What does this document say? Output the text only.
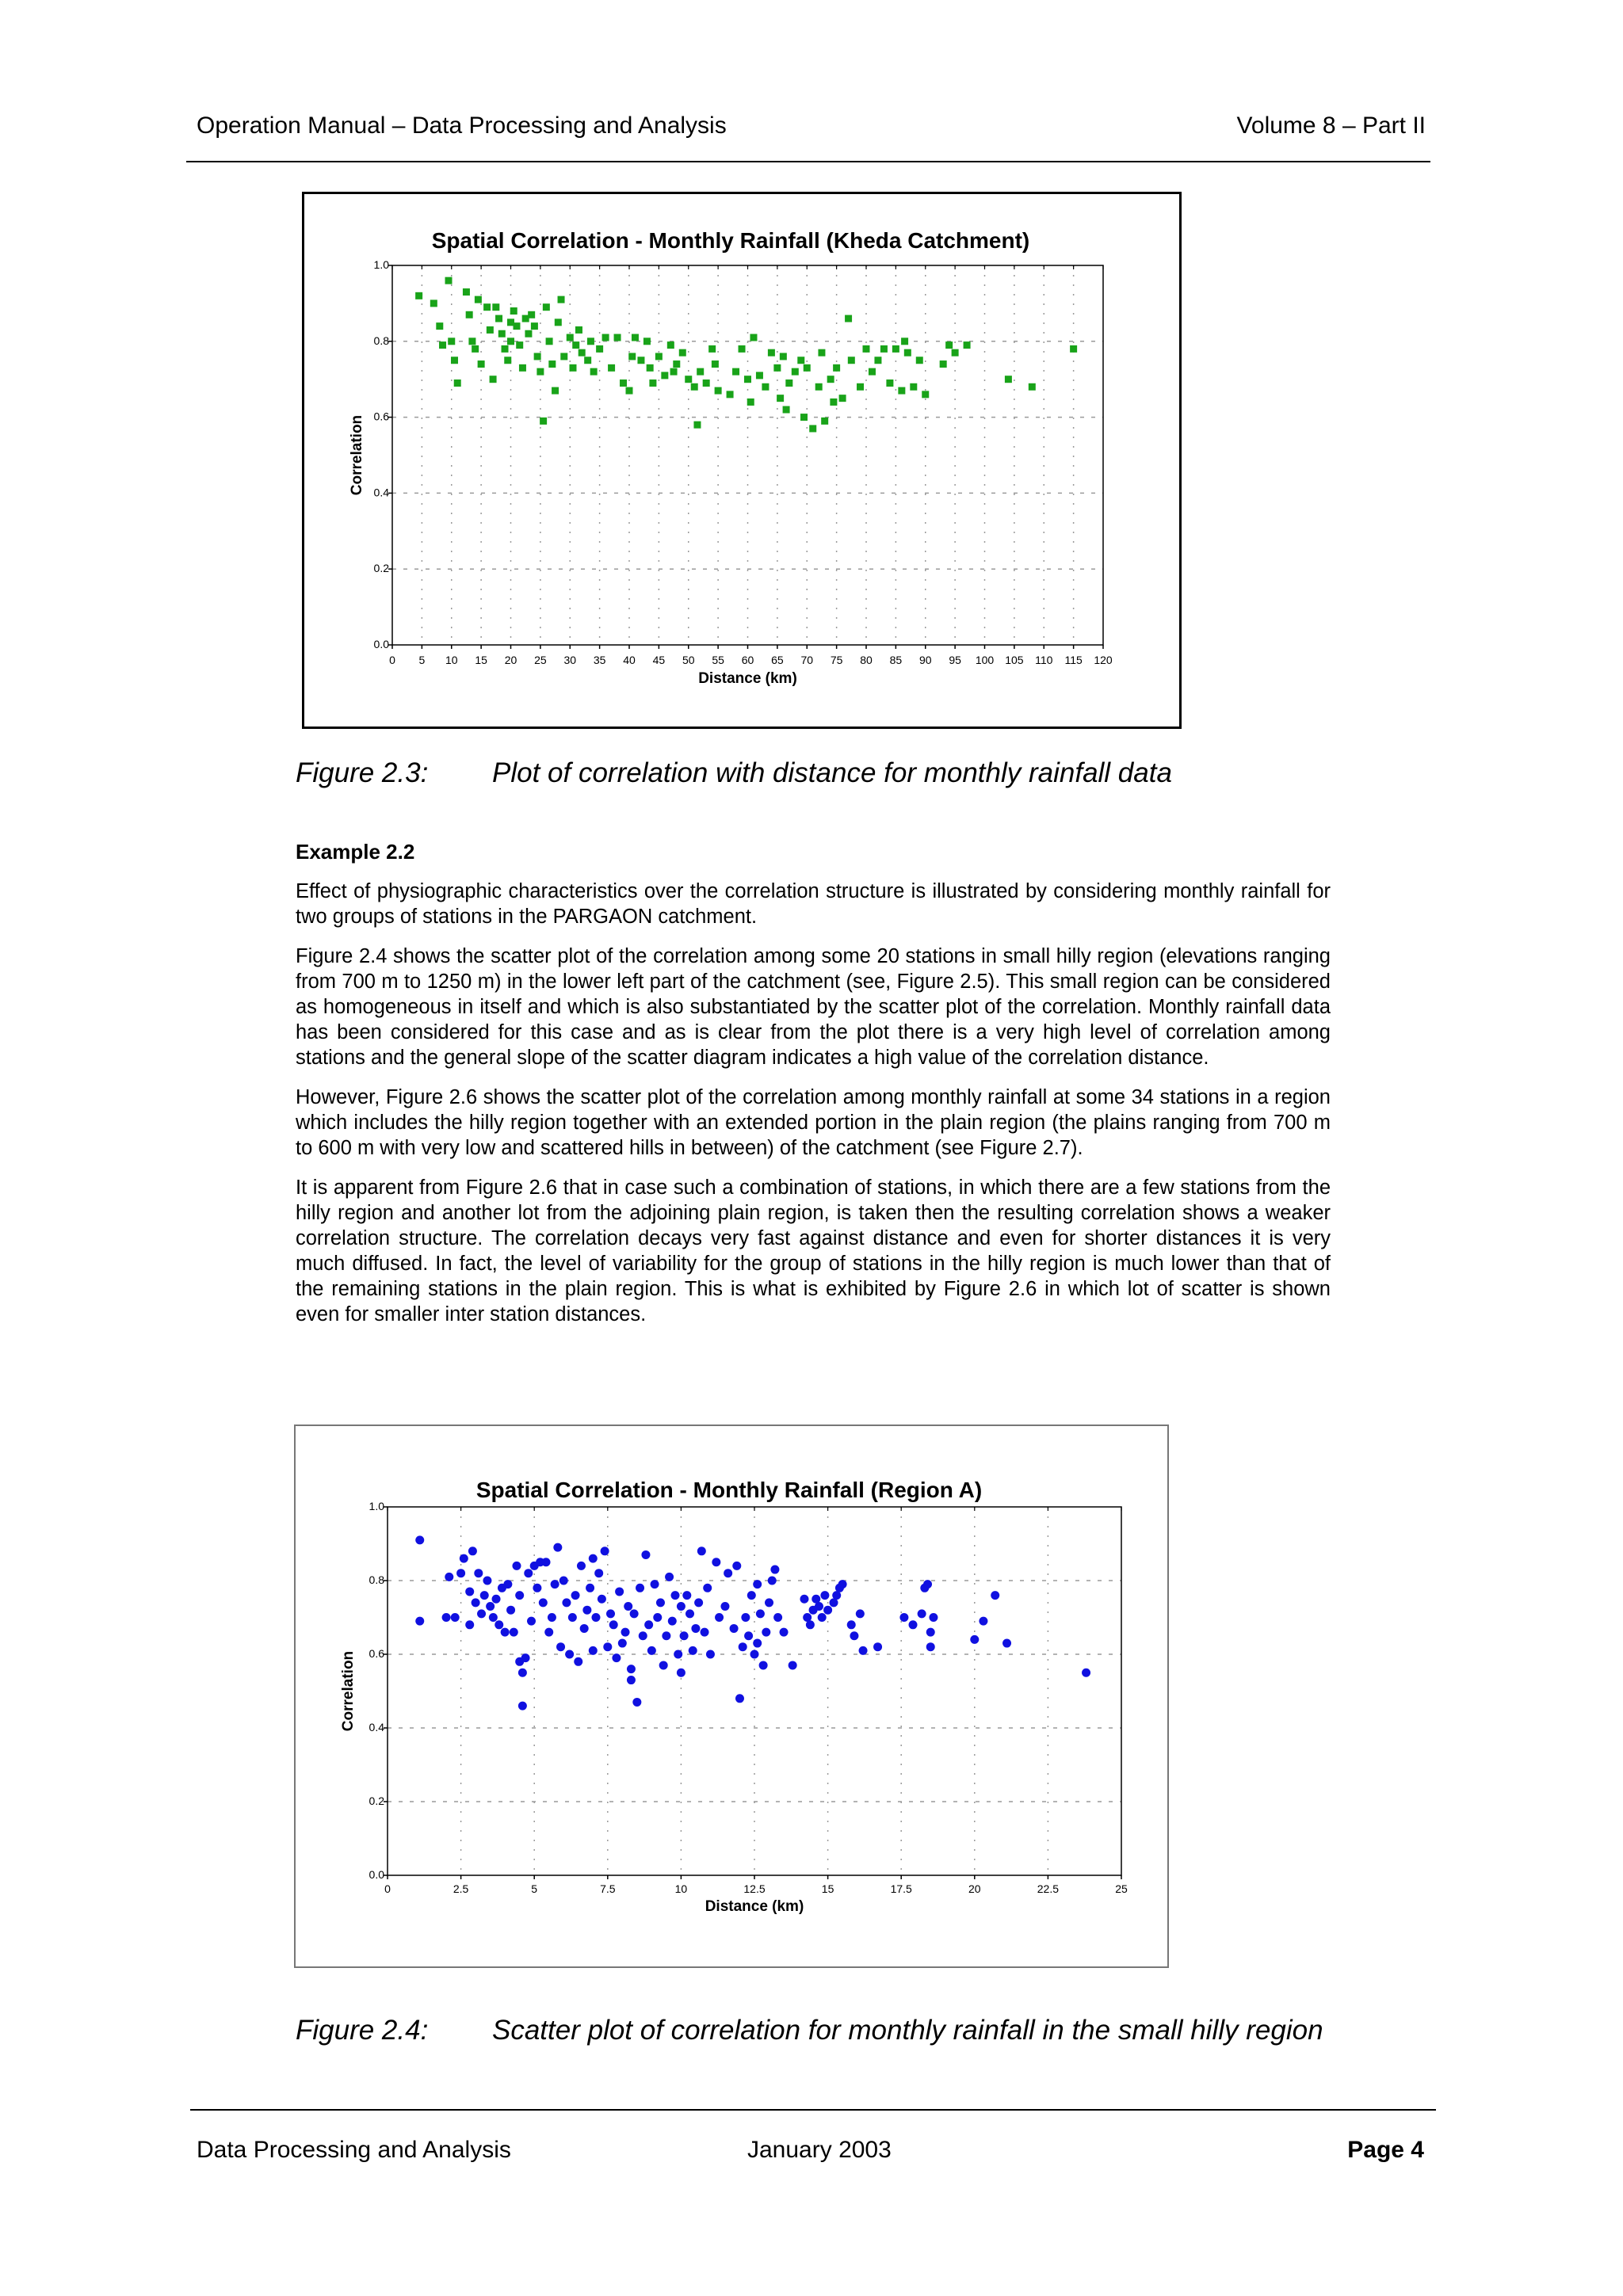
Operation Manual – Data Processing and Analysis	Volume 8 – Part II
0 5 10 15 20 25 30 35 40 45 50 55 60 65 70 75 80 85 90 95 100 105 110 115 120
0.0
0.2
0.4
0.6
0.8
1.0
Spatial Correlation - Monthly Rainfall (Kheda Catchment)
Distance (km)
Correlation
Figure 2.3: Plot of correlation with distance for monthly rainfall data
Example 2.2

Effect of physiographic characteristics over the correlation structure is illustrated by considering monthly rainfall for two groups of stations in the PARGAON catchment.

Figure 2.4 shows the scatter plot of the correlation among some 20 stations in small hilly region (elevations ranging from 700 m to 1250 m) in the lower left part of the catchment (see, Figure 2.5). This small region can be considered as homogeneous in itself and which is also substantiated by the scatter plot of the correlation. Monthly rainfall data has been considered for this case and as is clear from the plot there is a very high level of correlation among stations and the general slope of the scatter diagram indicates a high value of the correlation distance.

However, Figure 2.6 shows the scatter plot of the correlation among monthly rainfall at some 34 stations in a region which includes the hilly region together with an extended portion in the plain region (the plains ranging from 700 m to 600 m with very low and scattered hills in between) of the catchment (see Figure 2.7).

It is apparent from Figure 2.6 that in case such a combination of stations, in which there are a few stations from the hilly region and another lot from the adjoining plain region, is taken then the resulting correlation shows a weaker correlation structure. The correlation decays very fast against distance and even for shorter distances it is very much diffused. In fact, the level of variability for the group of stations in the hilly region is much lower than that of the remaining stations in the plain region. This is what is exhibited by Figure 2.6 in which lot of scatter is shown even for smaller inter station distances.

0	2.5	5	7.5	10	12.5	15	17.5	20	22.5	25
0.0
0.2
0.4
0.6
0.8
1.0
Spatial Correlation - Monthly Rainfall (Region A)
Distance (km)
Correlation
Figure 2.4: Scatter plot of correlation for monthly rainfall in the small hilly region
Data Processing and Analysis	January 2003	Page 4
